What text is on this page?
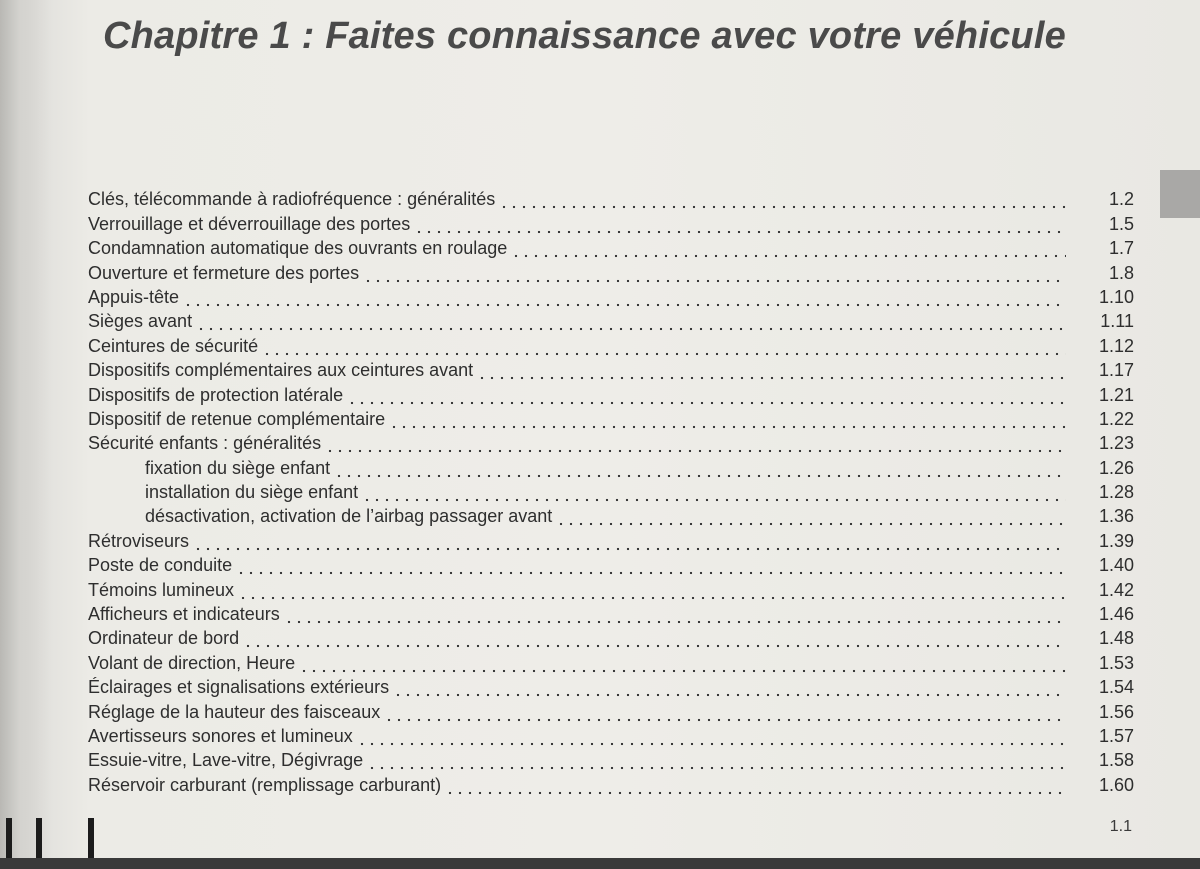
Chapitre 1 : Faites connaissance avec votre véhicule
Clés, télécommande à radiofréquence : généralités	1.2
Verrouillage et déverrouillage des portes	1.5
Condamnation automatique des ouvrants en roulage	1.7
Ouverture et fermeture des portes	1.8
Appuis-tête	1.10
Sièges avant	1.11
Ceintures de sécurité	1.12
Dispositifs complémentaires aux ceintures avant	1.17
Dispositifs de protection latérale	1.21
Dispositif de retenue complémentaire	1.22
Sécurité enfants : généralités	1.23
fixation du siège enfant	1.26
installation du siège enfant	1.28
désactivation, activation de l’airbag passager avant	1.36
Rétroviseurs	1.39
Poste de conduite	1.40
Témoins lumineux	1.42
Afficheurs et indicateurs	1.46
Ordinateur de bord	1.48
Volant de direction, Heure	1.53
Éclairages et signalisations extérieurs	1.54
Réglage de la hauteur des faisceaux	1.56
Avertisseurs sonores et lumineux	1.57
Essuie-vitre, Lave-vitre, Dégivrage	1.58
Réservoir carburant (remplissage carburant)	1.60
1.1
